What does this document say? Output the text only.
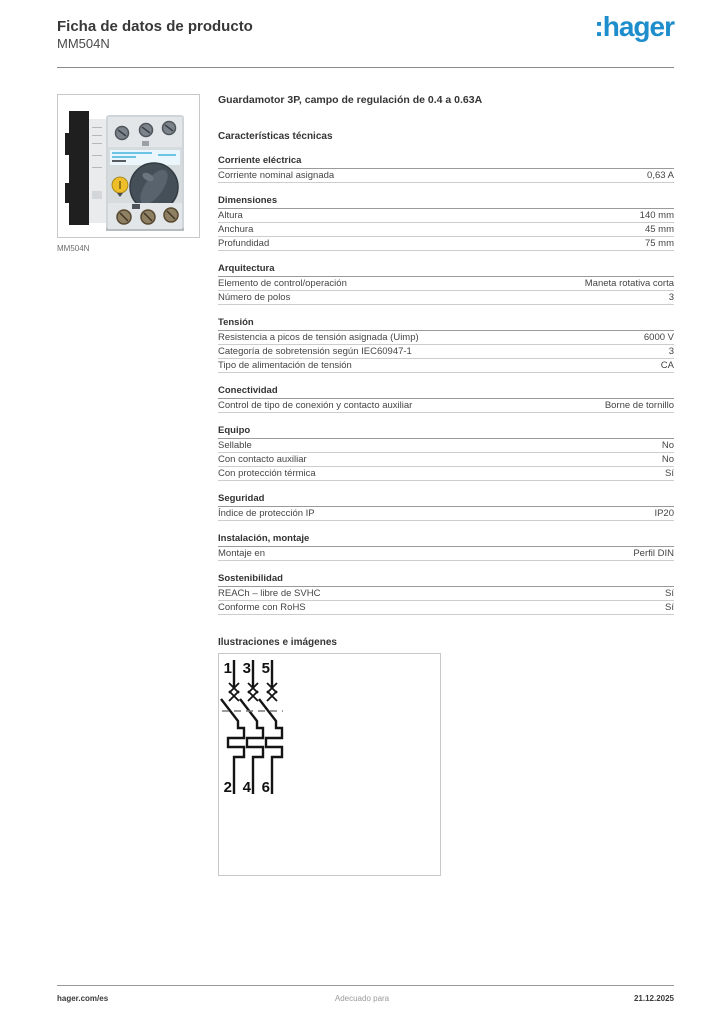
Ficha de datos de producto
MM504N
:hager
MM504N
Guardamotor 3P, campo de regulación de 0.4 a 0.63A
Características técnicas
Corriente eléctrica
Corriente nominal asignada	0,63 A
Dimensiones
Altura	140 mm
Anchura	45 mm
Profundidad	75 mm
Arquitectura
Elemento de control/operación	Maneta rotativa corta
Número de polos	3
Tensión
Resistencia a picos de tensión asignada (Uimp)	6000 V
Categoría de sobretensión según IEC60947-1	3
Tipo de alimentación de tensión	CA
Conectividad
Control de tipo de conexión y contacto auxiliar	Borne de tornillo
Equipo
Sellable	No
Con contacto auxiliar	No
Con protección térmica	Sí
Seguridad
Índice de protección IP	IP20
Instalación, montaje
Montaje en	Perfil DIN
Sostenibilidad
REACh – libre de SVHC	Sí
Conforme con RoHS	Sí
Ilustraciones e imágenes
1 3 5
2 4 6
Adecuado para
hager.com/es	21.12.2025
